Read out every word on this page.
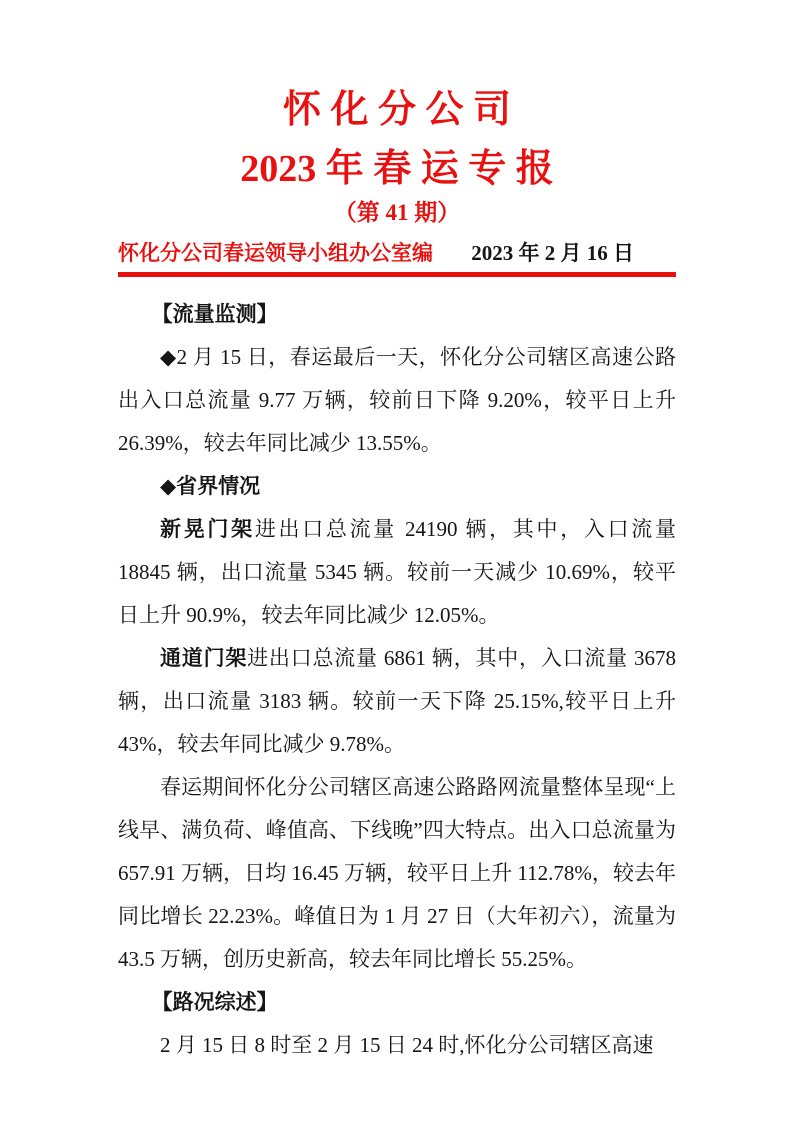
怀 化 分 公 司
2023 年 春 运 专 报
（第 41 期）
怀化分公司春运领导小组办公室编 2023 年 2 月 16 日

【流量监测】

◆2 月 15 日，春运最后一天，怀化分公司辖区高速公路出入口总流量 9.77 万辆，较前日下降 9.20%，较平日上升 26.39%，较去年同比减少 13.55%。

◆省界情况

新晃门架进出口总流量 24190 辆，其中，入口流量 18845 辆，出口流量 5345 辆。较前一天减少 10.69%，较平日上升 90.9%，较去年同比减少 12.05%。

通道门架进出口总流量 6861 辆，其中，入口流量 3678 辆，出口流量 3183 辆。较前一天下降 25.15%,较平日上升 43%，较去年同比减少 9.78%。

春运期间怀化分公司辖区高速公路路网流量整体呈现“上线早、满负荷、峰值高、下线晚”四大特点。出入口总流量为 657.91 万辆，日均 16.45 万辆，较平日上升 112.78%，较去年同比增长 22.23%。峰值日为 1 月 27 日（大年初六），流量为 43.5 万辆，创历史新高，较去年同比增长 55.25%。

【路况综述】

2 月 15 日 8 时至 2 月 15 日 24 时,怀化分公司辖区高速
